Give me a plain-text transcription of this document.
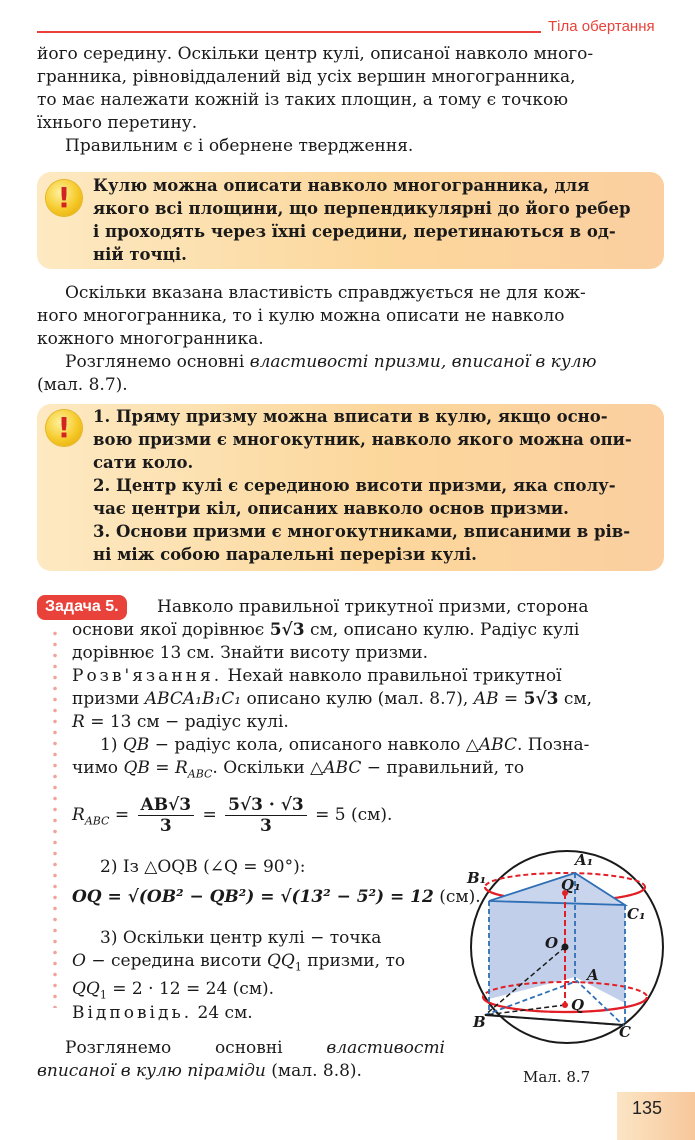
Тіла обертання
його середину. Оскільки центр кулі, описаної навколо много-
гранника, рівновіддалений від усіх вершин многогранника,
то має належати кожній із таких площин, а тому є точкою
їхнього перетину.
Правильним є і обернене твердження.
!	Кулю можна описати навколо многогранника, для
якого всі площини, що перпендикулярні до його ребер
і проходять через їхні середини, перетинаються в од-
ній точці.
Оскільки вказана властивість справджується не для кож-
ного многогранника, то і кулю можна описати не навколо
кожного многогранника.
Розглянемо основні властивості призми, вписаної в кулю
(мал. 8.7).
!	1. Пряму призму можна вписати в кулю, якщо осно-
вою призми є многокутник, навколо якого можна опи-
сати коло.
2. Центр кулі є серединою висоти призми, яка сполу-
чає центри кіл, описаних навколо основ призми.
3. Основи призми є многокутниками, вписаними в рів-
ні між собою паралельні перерізи кулі.
Задача 5.	Навколо правильної трикутної призми, сторона
основи якої дорівнює 5√3 см, описано кулю. Радіус кулі
дорівнює 13 см. Знайти висоту призми.
Розв'язання. Нехай навколо правильної трикутної
призми ABCA₁B₁C₁ описано кулю (мал. 8.7), AB = 5√3 см,
R = 13 см − радіус кулі.
1) QB − радіус кола, описаного навколо △ABC. Позна-
чимо QB = $R_{ABC}$. Оскільки △ABC − правильний, то
$R_{ABC} = \frac{AB√3}{3} = \frac{5√3 \cdot √3}{3} = 5$ (см).
2) Із △OQB (∠Q = 90°):
OQ = √(OB² − QB²) = √(13² − 5²) = 12 (см).
3) Оскільки центр кулі − точка
O − середина висоти $QQ_1$ призми, то
$QQ_1 = 2 \cdot 12 = 24$ (см).
Відповідь. 24 см.
Розглянемо основні властивості
вписаної в кулю піраміди (мал. 8.8).
A₁
B₁	Q₁
C₁
O
A
Q
B
C
Мал. 8.7
135
